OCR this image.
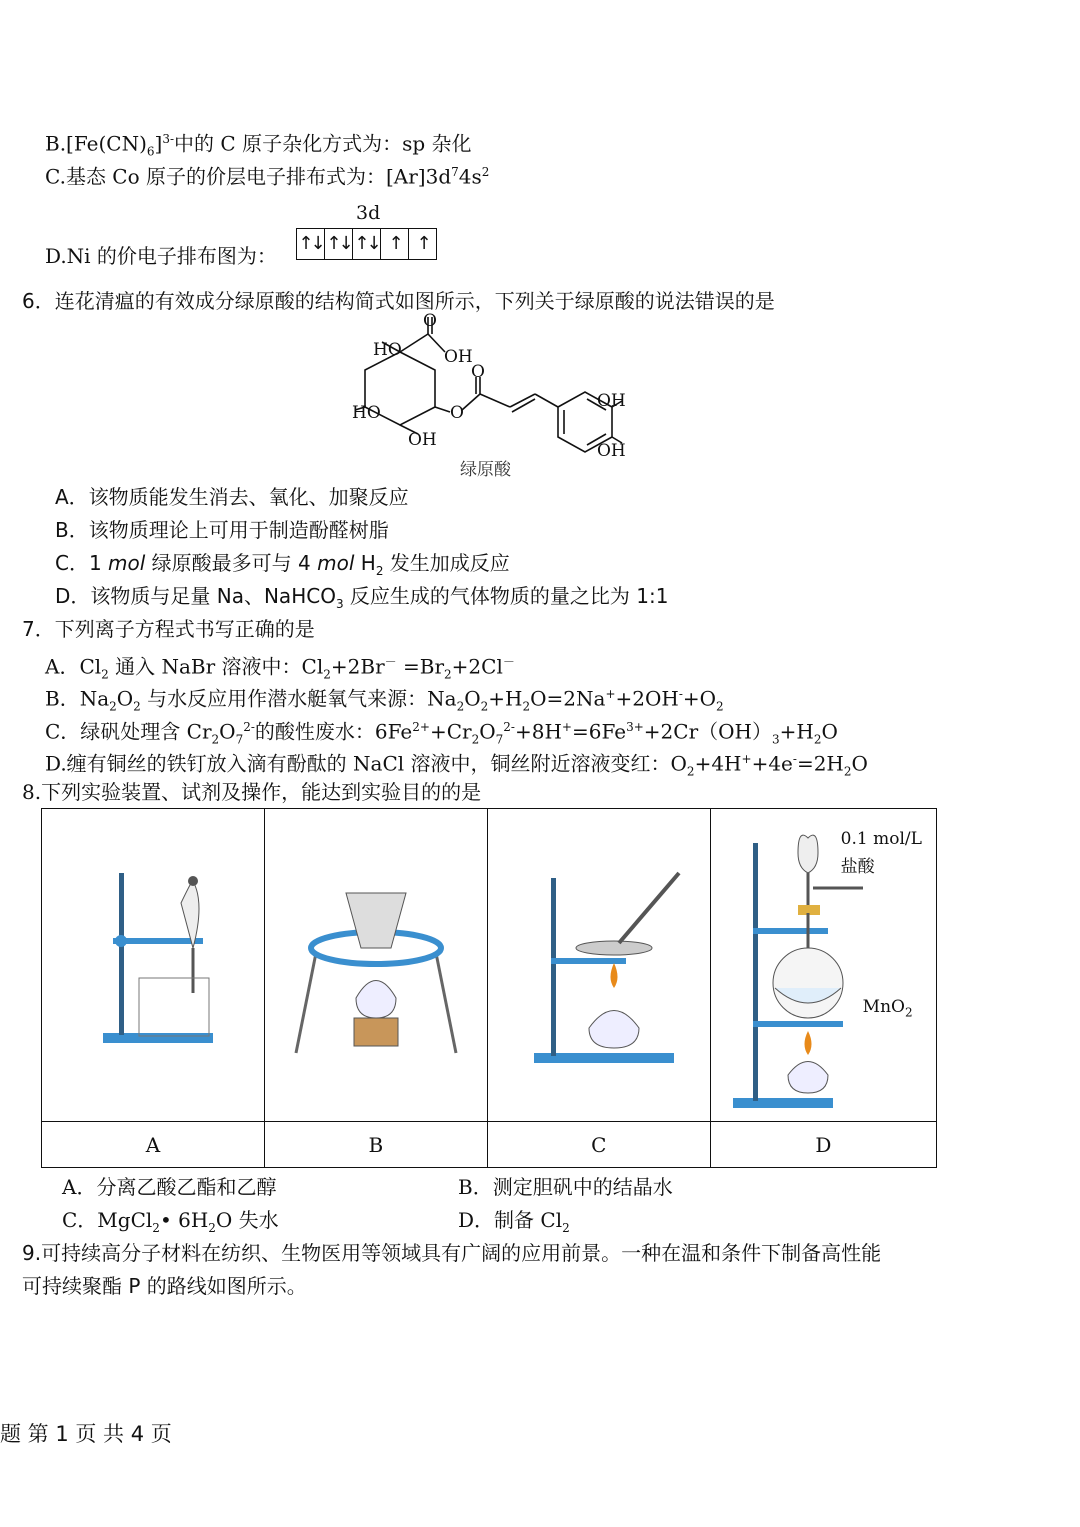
$B.[Fe(CN)_6]^{3-}$中的 C 原子杂化方式为：sp 杂化
C.基态 Co 原子的价层电子排布式为：$[Ar]3d^74s^2$
3d
↑↓ ↑↓ ↑↓ ↑ ↑
D.Ni 的价电子排布图为：
6．连花清瘟的有效成分绿原酸的结构简式如图所示，下列关于绿原酸的说法错误的是
O
HO OH
O
HO	O
OH
OH
OH
绿原酸
A．该物质能发生消去、氧化、加聚反应
B．该物质理论上可用于制造酚醛树脂
C．1 mol 绿原酸最多可与 4 mol $H_2$ 发生加成反应
D．该物质与足量 Na、NaHCO$_3$ 反应生成的气体物质的量之比为 1:1
7．下列离子方程式书写正确的是
A．$Cl_2$ 通入 NaBr 溶液中：$Cl_2+2Br^- =Br_2+2Cl^-$
B．$Na_2O_2$ 与水反应用作潜水艇氧气来源：$Na_2O_2+H_2O=2Na^++2OH^-+O_2$
C．绿矾处理含 $Cr_2O_7^{2-}$的酸性废水：$6Fe^{2+}+Cr_2O_7^{2-}+8H^+=6Fe^{3+}+2Cr(OH)_3+H_2O$
D.缠有铜丝的铁钉放入滴有酚酞的 NaCl 溶液中，铜丝附近溶液变红：$O_2+4H^++4e^-=2H_2O$
8.下列实验装置、试剂及操作，能达到实验目的的是

0.1 mol/L
盐酸
MnO$_2$

A	B	C	D
A．分离乙酸乙酯和乙醇	B．测定胆矾中的结晶水
C．MgCl$_2$• $6H_2O$ 失水	D．制备 $Cl_2$
9.可持续高分子材料在纺织、生物医用等领域具有广阔的应用前景。一种在温和条件下制备高性能
可持续聚酯 P 的路线如图所示。
题 第 1 页 共 4 页
